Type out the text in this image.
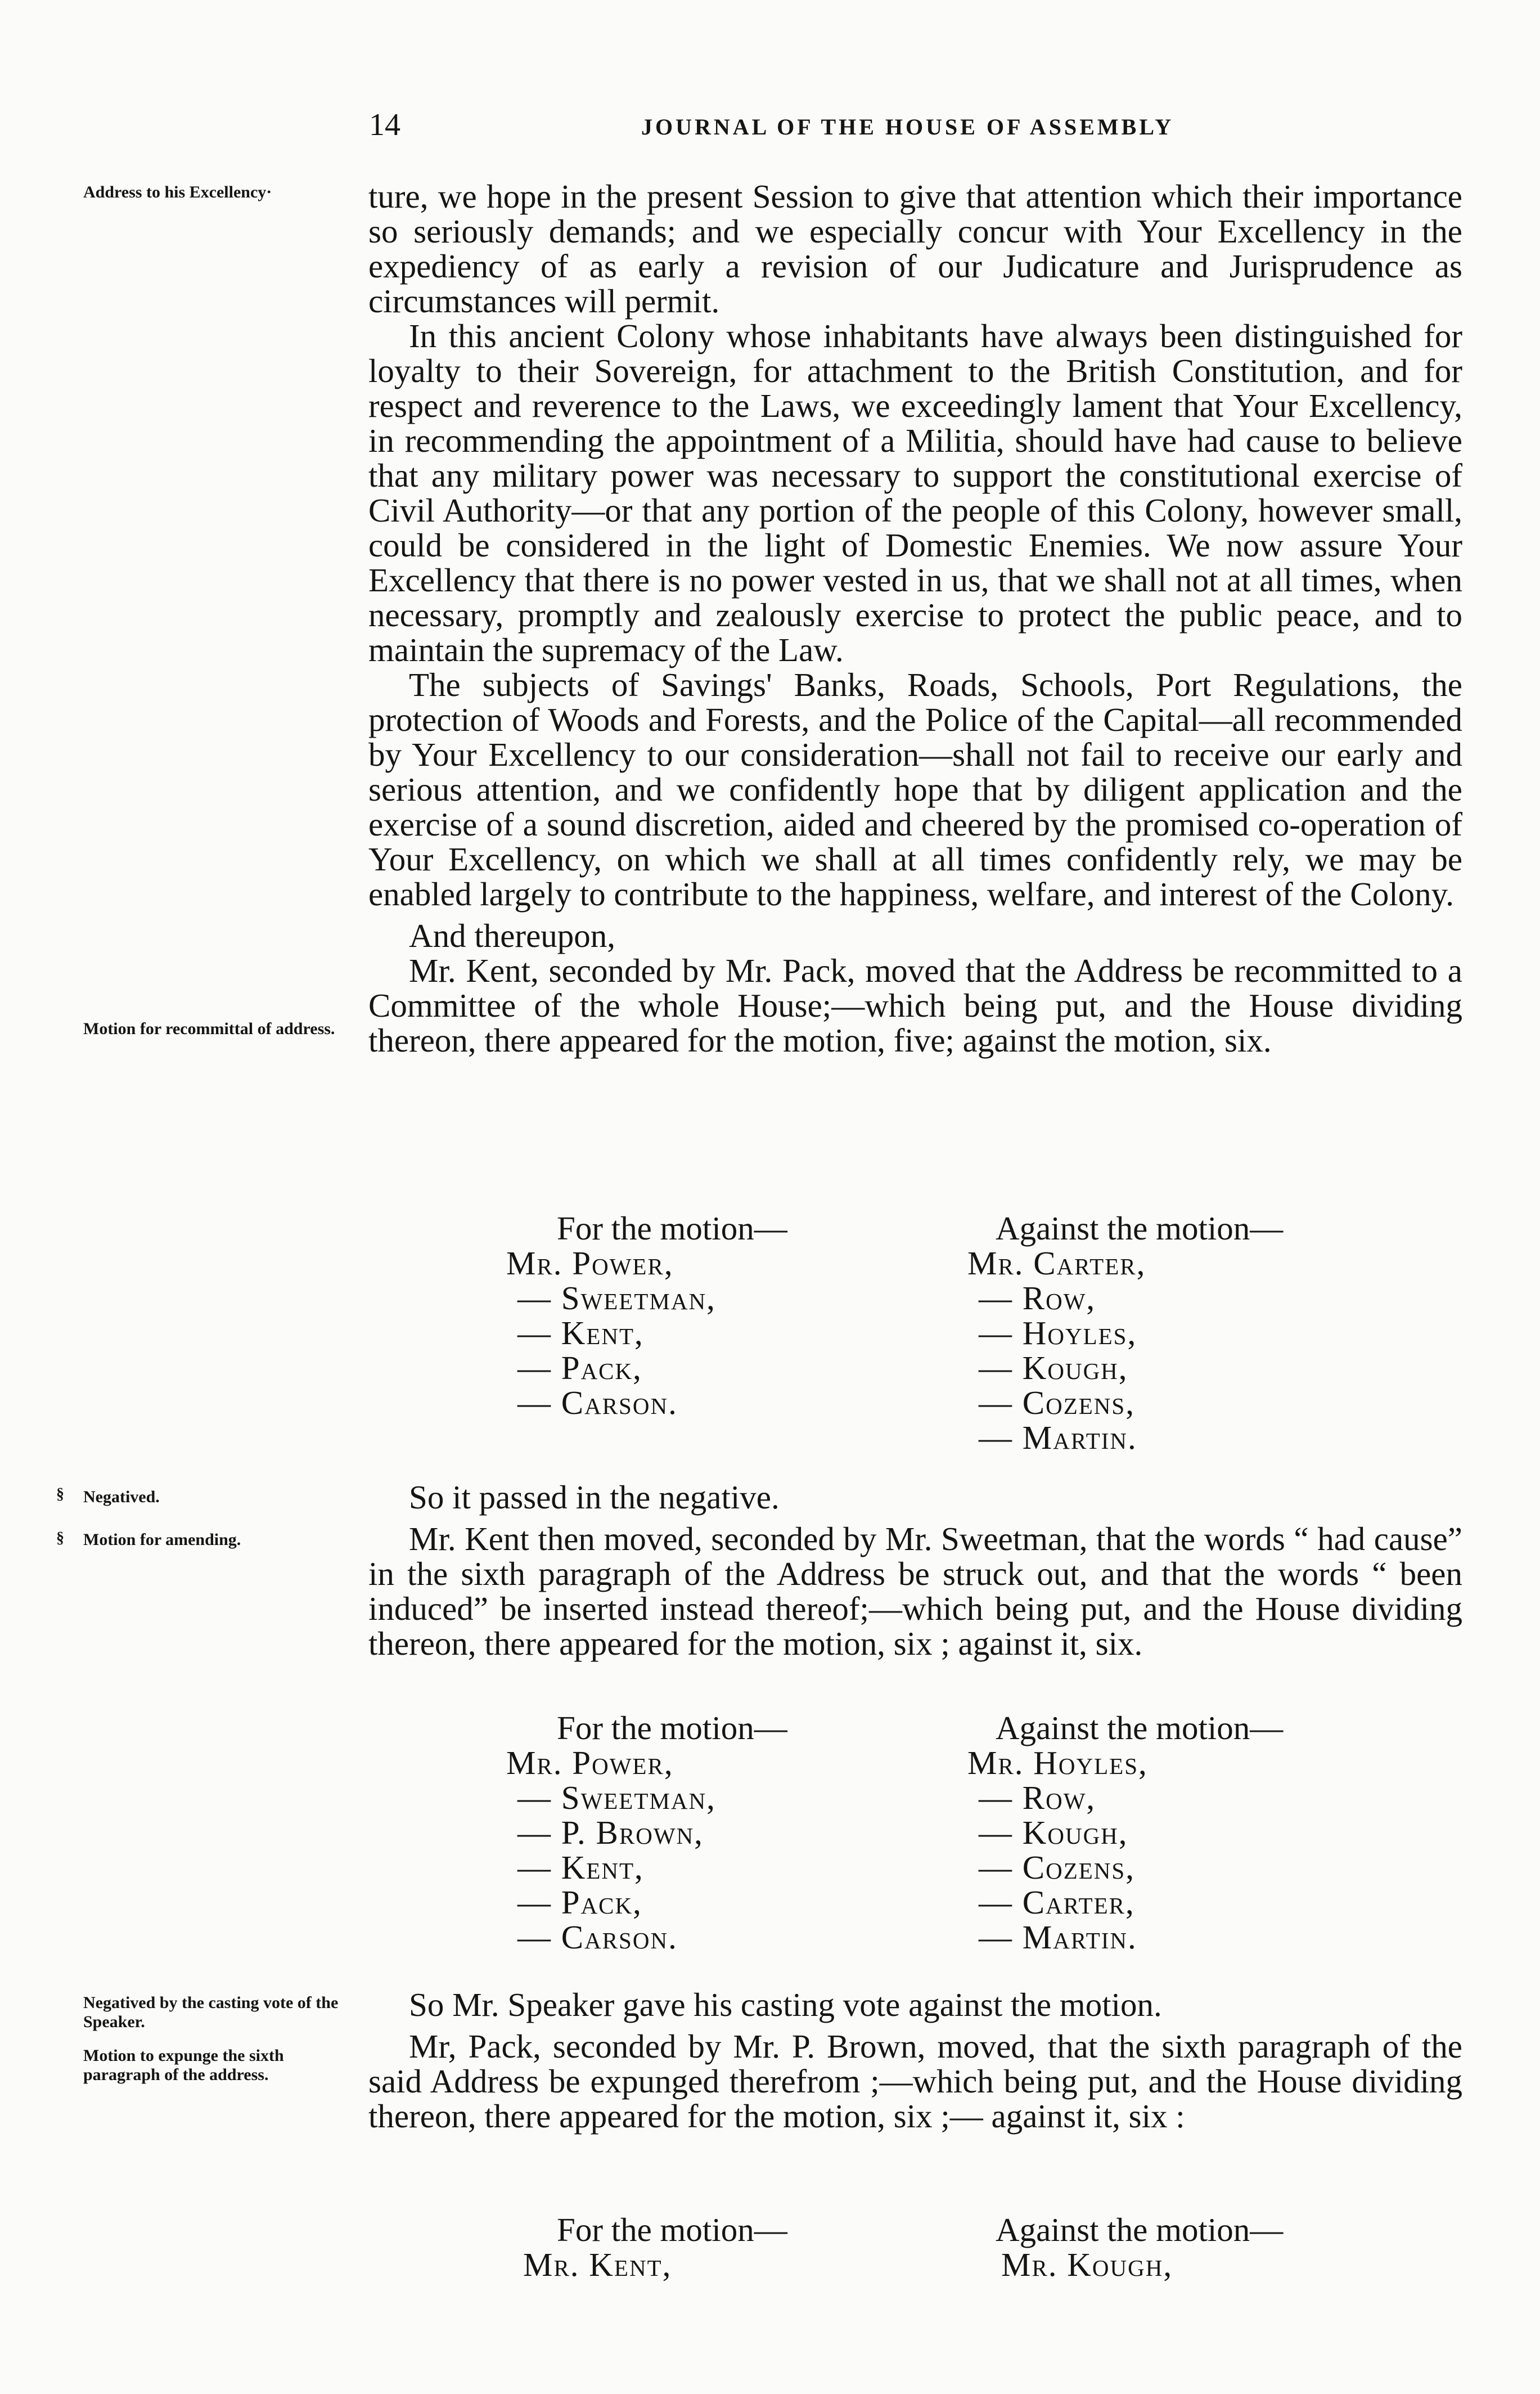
14	JOURNAL OF THE HOUSE OF ASSEMBLY
Address to his Excellency·
Motion for recommittal of address.
§ Negatived.
§ Motion for amending.
Negatived by the casting vote of the Speaker.
Motion to expunge the sixth paragraph of the address.

ture, we hope in the present Session to give that attention which their importance so seriously demands; and we especially concur with Your Excellency in the expediency of as early a revision of our Judicature and Jurisprudence as circumstances will permit.

In this ancient Colony whose inhabitants have always been distinguished for loyalty to their Sovereign, for attachment to the British Constitution, and for respect and reverence to the Laws, we exceedingly lament that Your Excellency, in recommending the appointment of a Militia, should have had cause to believe that any military power was necessary to support the constitutional exercise of Civil Authority—or that any portion of the people of this Colony, however small, could be considered in the light of Domestic Enemies. We now assure Your Excellency that there is no power vested in us, that we shall not at all times, when necessary, promptly and zealously exercise to protect the public peace, and to maintain the supremacy of the Law.

The subjects of Savings' Banks, Roads, Schools, Port Regulations, the protection of Woods and Forests, and the Police of the Capital—all recommended by Your Excellency to our consideration—shall not fail to receive our early and serious attention, and we confidently hope that by diligent application and the exercise of a sound discretion, aided and cheered by the promised co-operation of Your Excellency, on which we shall at all times confidently rely, we may be enabled largely to contribute to the happiness, welfare, and interest of the Colony.

And thereupon,

Mr. Kent, seconded by Mr. Pack, moved that the Address be recommitted to a Committee of the whole House;—which being put, and the House dividing thereon, there appeared for the motion, five; against the motion, six.

For the motion—
Mr. Power,
— Sweetman,
— Kent,
— Pack,
— Carson.
Against the motion—
Mr. Carter,
— Row,
— Hoyles,
— Kough,
— Cozens,
— Martin.

So it passed in the negative.

Mr. Kent then moved, seconded by Mr. Sweetman, that the words “ had cause” in the sixth paragraph of the Address be struck out, and that the words “ been induced” be inserted instead thereof;—which being put, and the House dividing thereon, there appeared for the motion, six ; against it, six.

For the motion—
Mr. Power,
— Sweetman,
— P. Brown,
— Kent,
— Pack,
— Carson.
Against the motion—
Mr. Hoyles,
— Row,
— Kough,
— Cozens,
— Carter,
— Martin.

So Mr. Speaker gave his casting vote against the motion.

Mr, Pack, seconded by Mr. P. Brown, moved, that the sixth paragraph of the said Address be expunged therefrom ;—which being put, and the House dividing thereon, there appeared for the motion, six ;— against it, six :

For the motion—
Mr. Kent,
Against the motion—
Mr. Kough,
